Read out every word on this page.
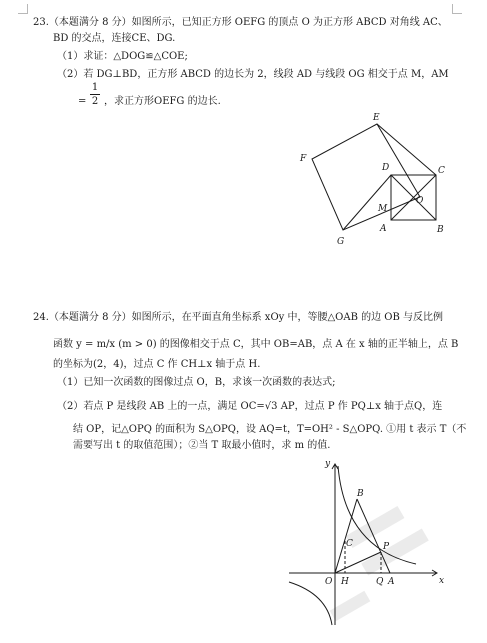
23.（本题满分 8 分）如图所示，已知正方形 OEFG 的顶点 O 为正方形 ABCD 对角线 AC、
BD 的交点，连接CE、DG.
（1）求证：△DOG≌△COE;
（2）若 DG⊥BD，正方形 ABCD 的边长为 2，线段 AD 与线段 OG 相交于点 M，AM
=
1
2 ，求正方形OEFG 的边长.
E
F
D	C
M
O
A	B
G
24.（本题满分 8 分）如图所示，在平面直角坐标系 xOy 中，等腰△OAB 的边 OB 与反比例
函数 y = m/x (m > 0) 的图像相交于点 C，其中 OB=AB，点 A 在 x 轴的正半轴上，点 B
的坐标为(2，4)，过点 C 作 CH⊥x 轴于点 H.
（1）已知一次函数的图像过点 O，B，求该一次函数的表达式;
（2）若点 P 是线段 AB 上的一点，满足 OC=√3 AP，过点 P 作 PQ⊥x 轴于点Q，连
结 OP，记△OPQ 的面积为 S△OPQ，设 AQ=t，T=OH² - S△OPQ. ①用 t 表示 T（不
需要写出 t 的取值范围）；②当 T 取最小值时，求 m 的值.
y
x
B
C	P
O H	Q A
